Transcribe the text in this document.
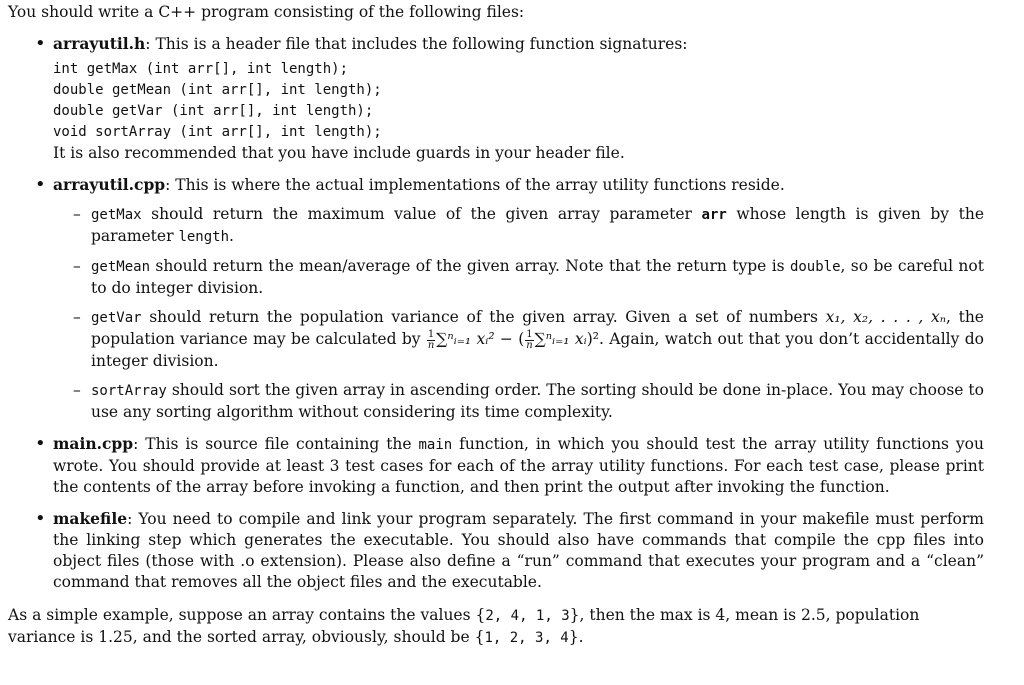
You should write a C++ program consisting of the following files:

• arrayutil.h: This is a header file that includes the following function signatures:
int getMax (int arr[], int length);
double getMean (int arr[], int length);
double getVar (int arr[], int length);
void sortArray (int arr[], int length);

It is also recommended that you have include guards in your header file.

• arrayutil.cpp: This is where the actual implementations of the array utility functions reside.
– getMax should return the maximum value of the given array parameter arr whose length is given by the parameter length.
– getMean should return the mean/average of the given array. Note that the return type is double, so be careful not to do integer division.
– getVar should return the population variance of the given array. Given a set of numbers x₁, x₂, . . . , xₙ, the population variance may be calculated by $\frac{1}{n}$ ∑ⁿᵢ₌₁ xᵢ² − ( $\frac{1}{n}$ ∑ⁿᵢ₌₁ xᵢ)². Again, watch out that you don’t accidentally do integer division.
– sortArray should sort the given array in ascending order. The sorting should be done in-place. You may choose to use any sorting algorithm without considering its time complexity.
• main.cpp: This is source file containing the main function, in which you should test the array utility functions you wrote. You should provide at least 3 test cases for each of the array utility functions. For each test case, please print the contents of the array before invoking a function, and then print the output after invoking the function.
• makefile: You need to compile and link your program separately. The first command in your makefile must perform the linking step which generates the executable. You should also have commands that compile the cpp files into object files (those with .o extension). Please also define a “run” command that executes your program and a “clean” command that removes all the object files and the executable.

As a simple example, suppose an array contains the values {2, 4, 1, 3}, then the max is 4, mean is 2.5, population variance is 1.25, and the sorted array, obviously, should be {1, 2, 3, 4}.
